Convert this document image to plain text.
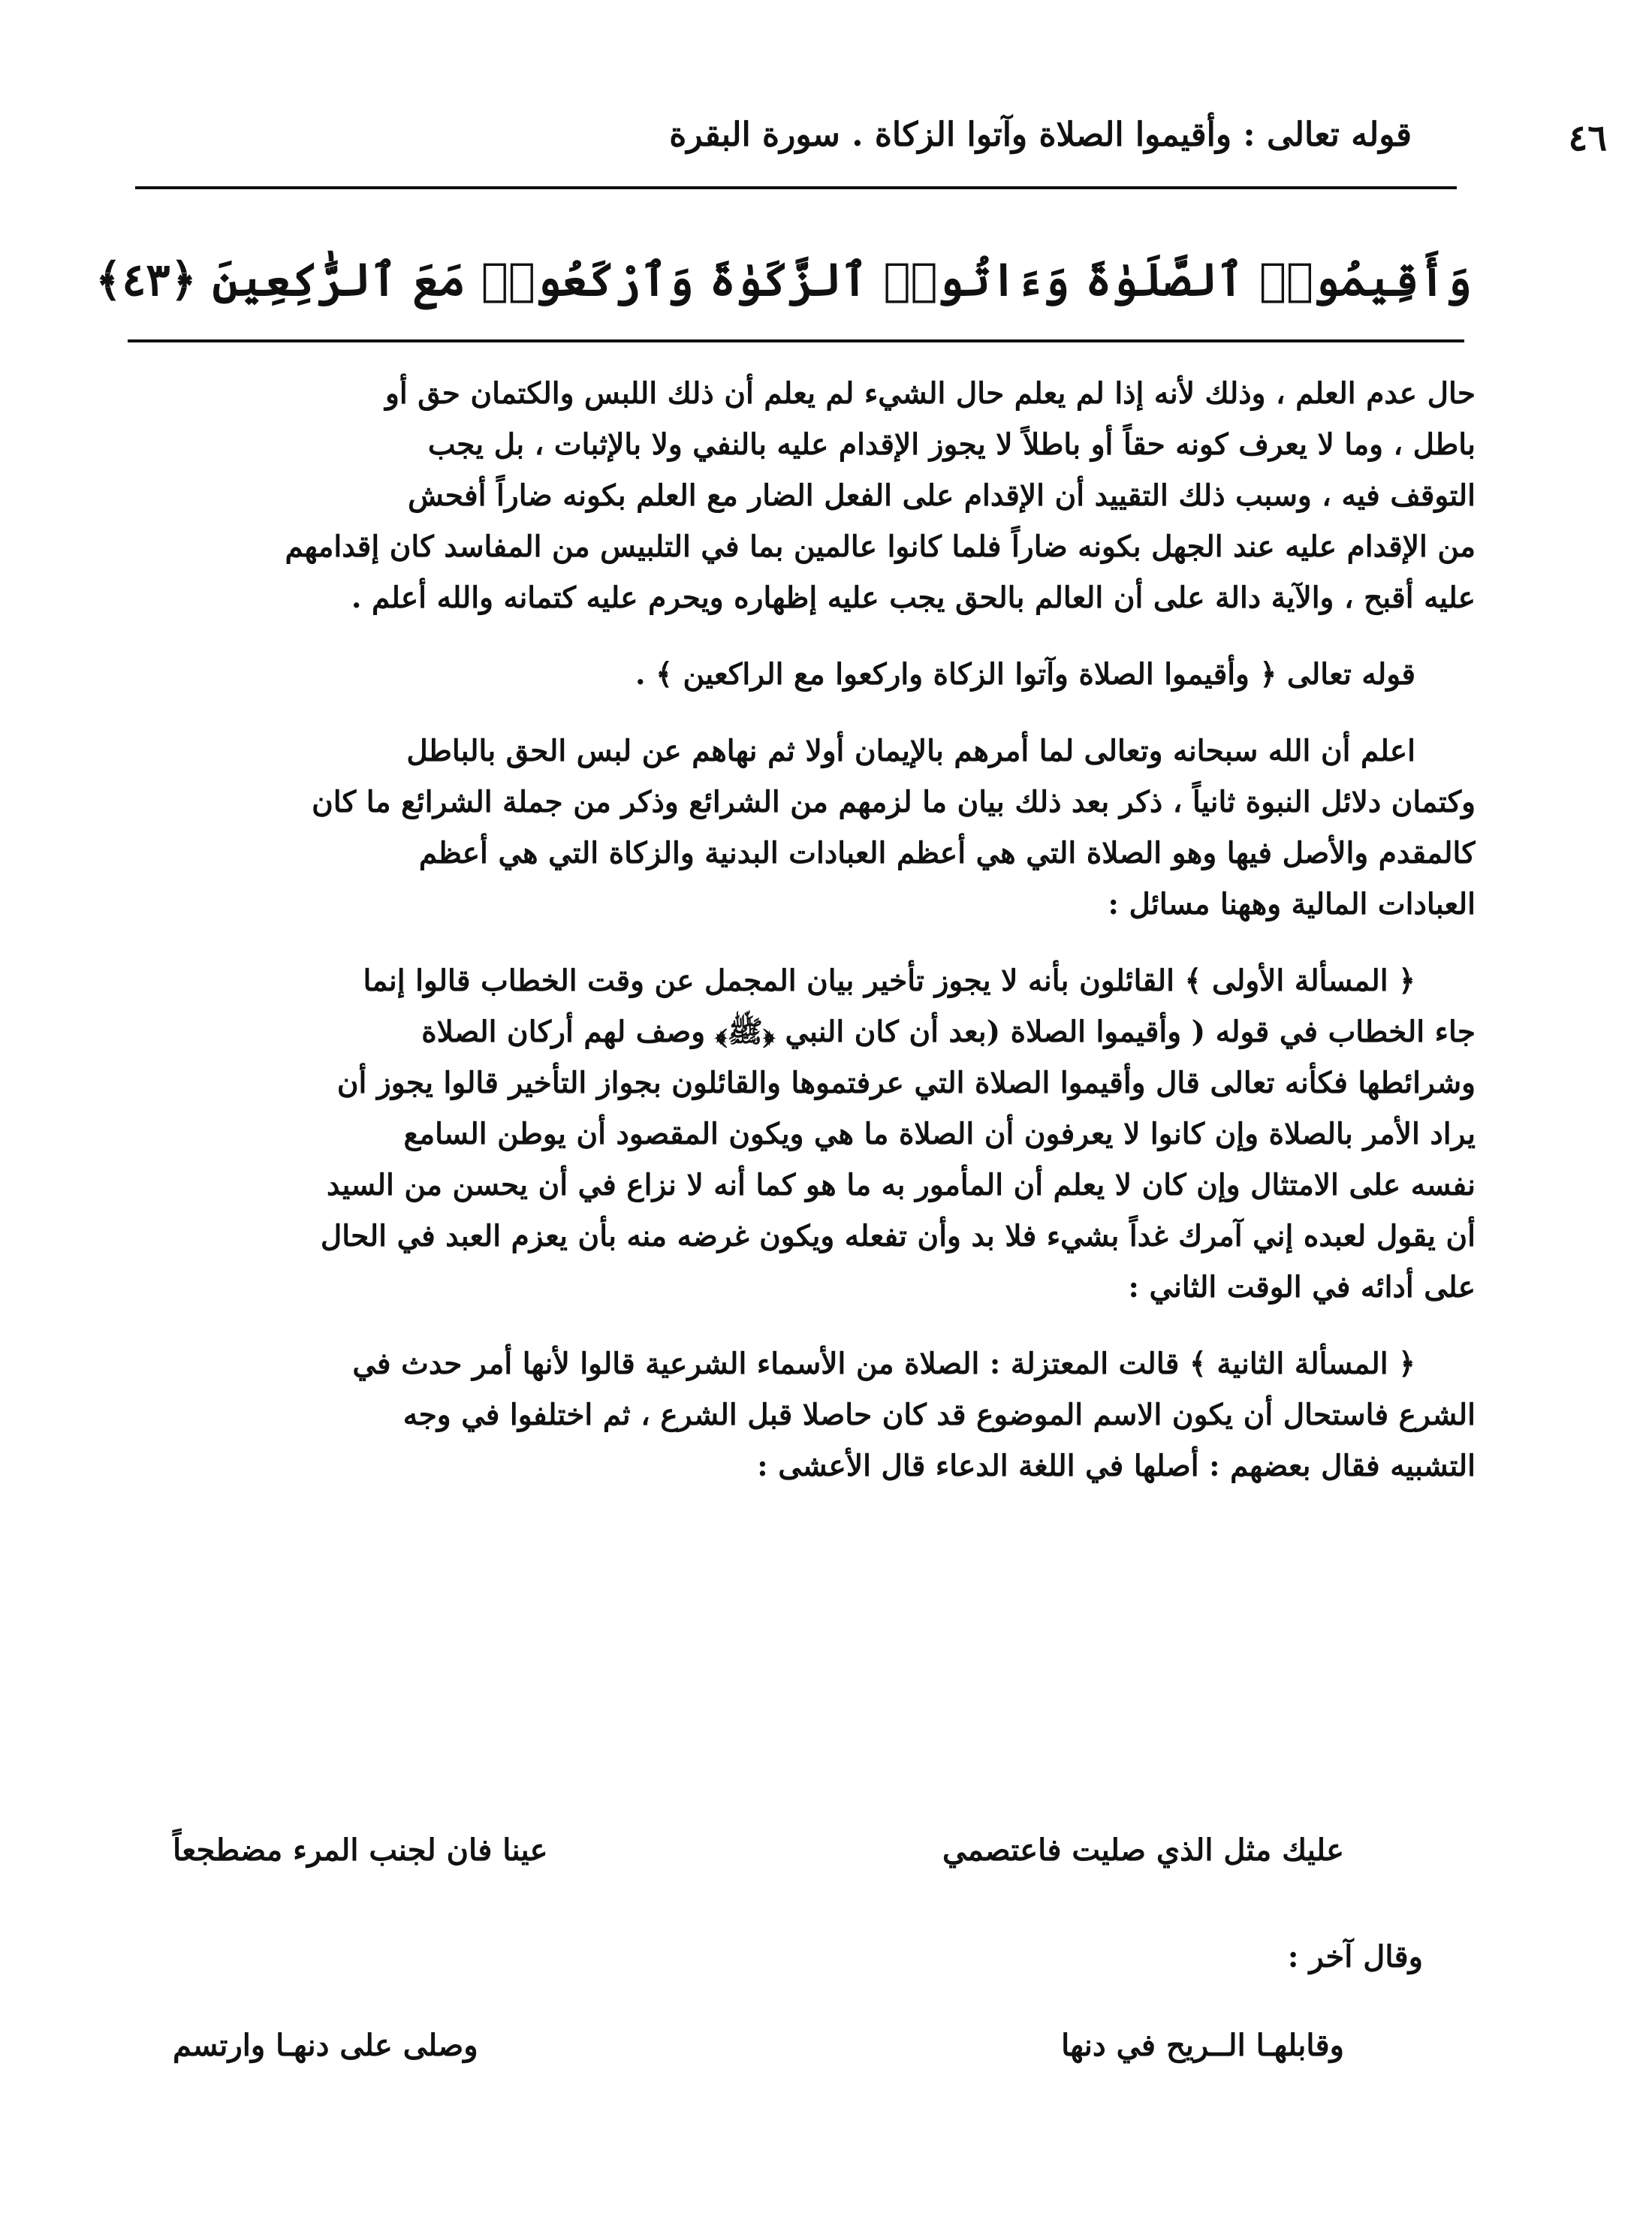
٤٦
قوله تعالى : وأقيموا الصلاة وآتوا الزكاة . سورة البقرة
وَأَقِيمُوا۟ ٱلصَّلَوٰةَ وَءَاتُوا۟ ٱلزَّكَوٰةَ وَٱرْكَعُوا۟ مَعَ ٱلرَّٰكِعِينَ ﴿٤٣﴾
حال عدم العلم ، وذلك لأنه إذا لم يعلم حال الشيء لم يعلم أن ذلك اللبس والكتمان حق أو
باطل ، وما لا يعرف كونه حقاً أو باطلاً لا يجوز الإقدام عليه بالنفي ولا بالإثبات ، بل يجب
التوقف فيه ، وسبب ذلك التقييد أن الإقدام على الفعل الضار مع العلم بكونه ضاراً أفحش
من الإقدام عليه عند الجهل بكونه ضاراً فلما كانوا عالمين بما في التلبيس من المفاسد كان إقدامهم
عليه أقبح ، والآية دالة على أن العالم بالحق يجب عليه إظهاره ويحرم عليه كتمانه والله أعلم .
قوله تعالى ﴿ وأقيموا الصلاة وآتوا الزكاة واركعوا مع الراكعين ﴾ .
اعلم أن الله سبحانه وتعالى لما أمرهم بالإيمان أولا ثم نهاهم عن لبس الحق بالباطل
وكتمان دلائل النبوة ثانياً ، ذكر بعد ذلك بيان ما لزمهم من الشرائع وذكر من جملة الشرائع ما كان
كالمقدم والأصل فيها وهو الصلاة التي هي أعظم العبادات البدنية والزكاة التي هي أعظم
العبادات المالية وههنا مسائل :
﴿ المسألة الأولى ﴾ القائلون بأنه لا يجوز تأخير بيان المجمل عن وقت الخطاب قالوا إنما
جاء الخطاب في قوله ( وأقيموا الصلاة (بعد أن كان النبي ﴿ﷺ﴾ وصف لهم أركان الصلاة
وشرائطها فكأنه تعالى قال وأقيموا الصلاة التي عرفتموها والقائلون بجواز التأخير قالوا يجوز أن
يراد الأمر بالصلاة وإن كانوا لا يعرفون أن الصلاة ما هي ويكون المقصود أن يوطن السامع
نفسه على الامتثال وإن كان لا يعلم أن المأمور به ما هو كما أنه لا نزاع في أن يحسن من السيد
أن يقول لعبده إني آمرك غداً بشيء فلا بد وأن تفعله ويكون غرضه منه بأن يعزم العبد في الحال
على أدائه في الوقت الثاني :
﴿ المسألة الثانية ﴾ قالت المعتزلة : الصلاة من الأسماء الشرعية قالوا لأنها أمر حدث في
الشرع فاستحال أن يكون الاسم الموضوع قد كان حاصلا قبل الشرع ، ثم اختلفوا في وجه
التشبيه فقال بعضهم : أصلها في اللغة الدعاء قال الأعشى :
عليك مثل الذي صليت فاعتصمي
عينا فان لجنب المرء مضطجعاً
وقال آخر :
وقابلهـا الــريح في دنها
وصلى على دنهـا وارتسم
